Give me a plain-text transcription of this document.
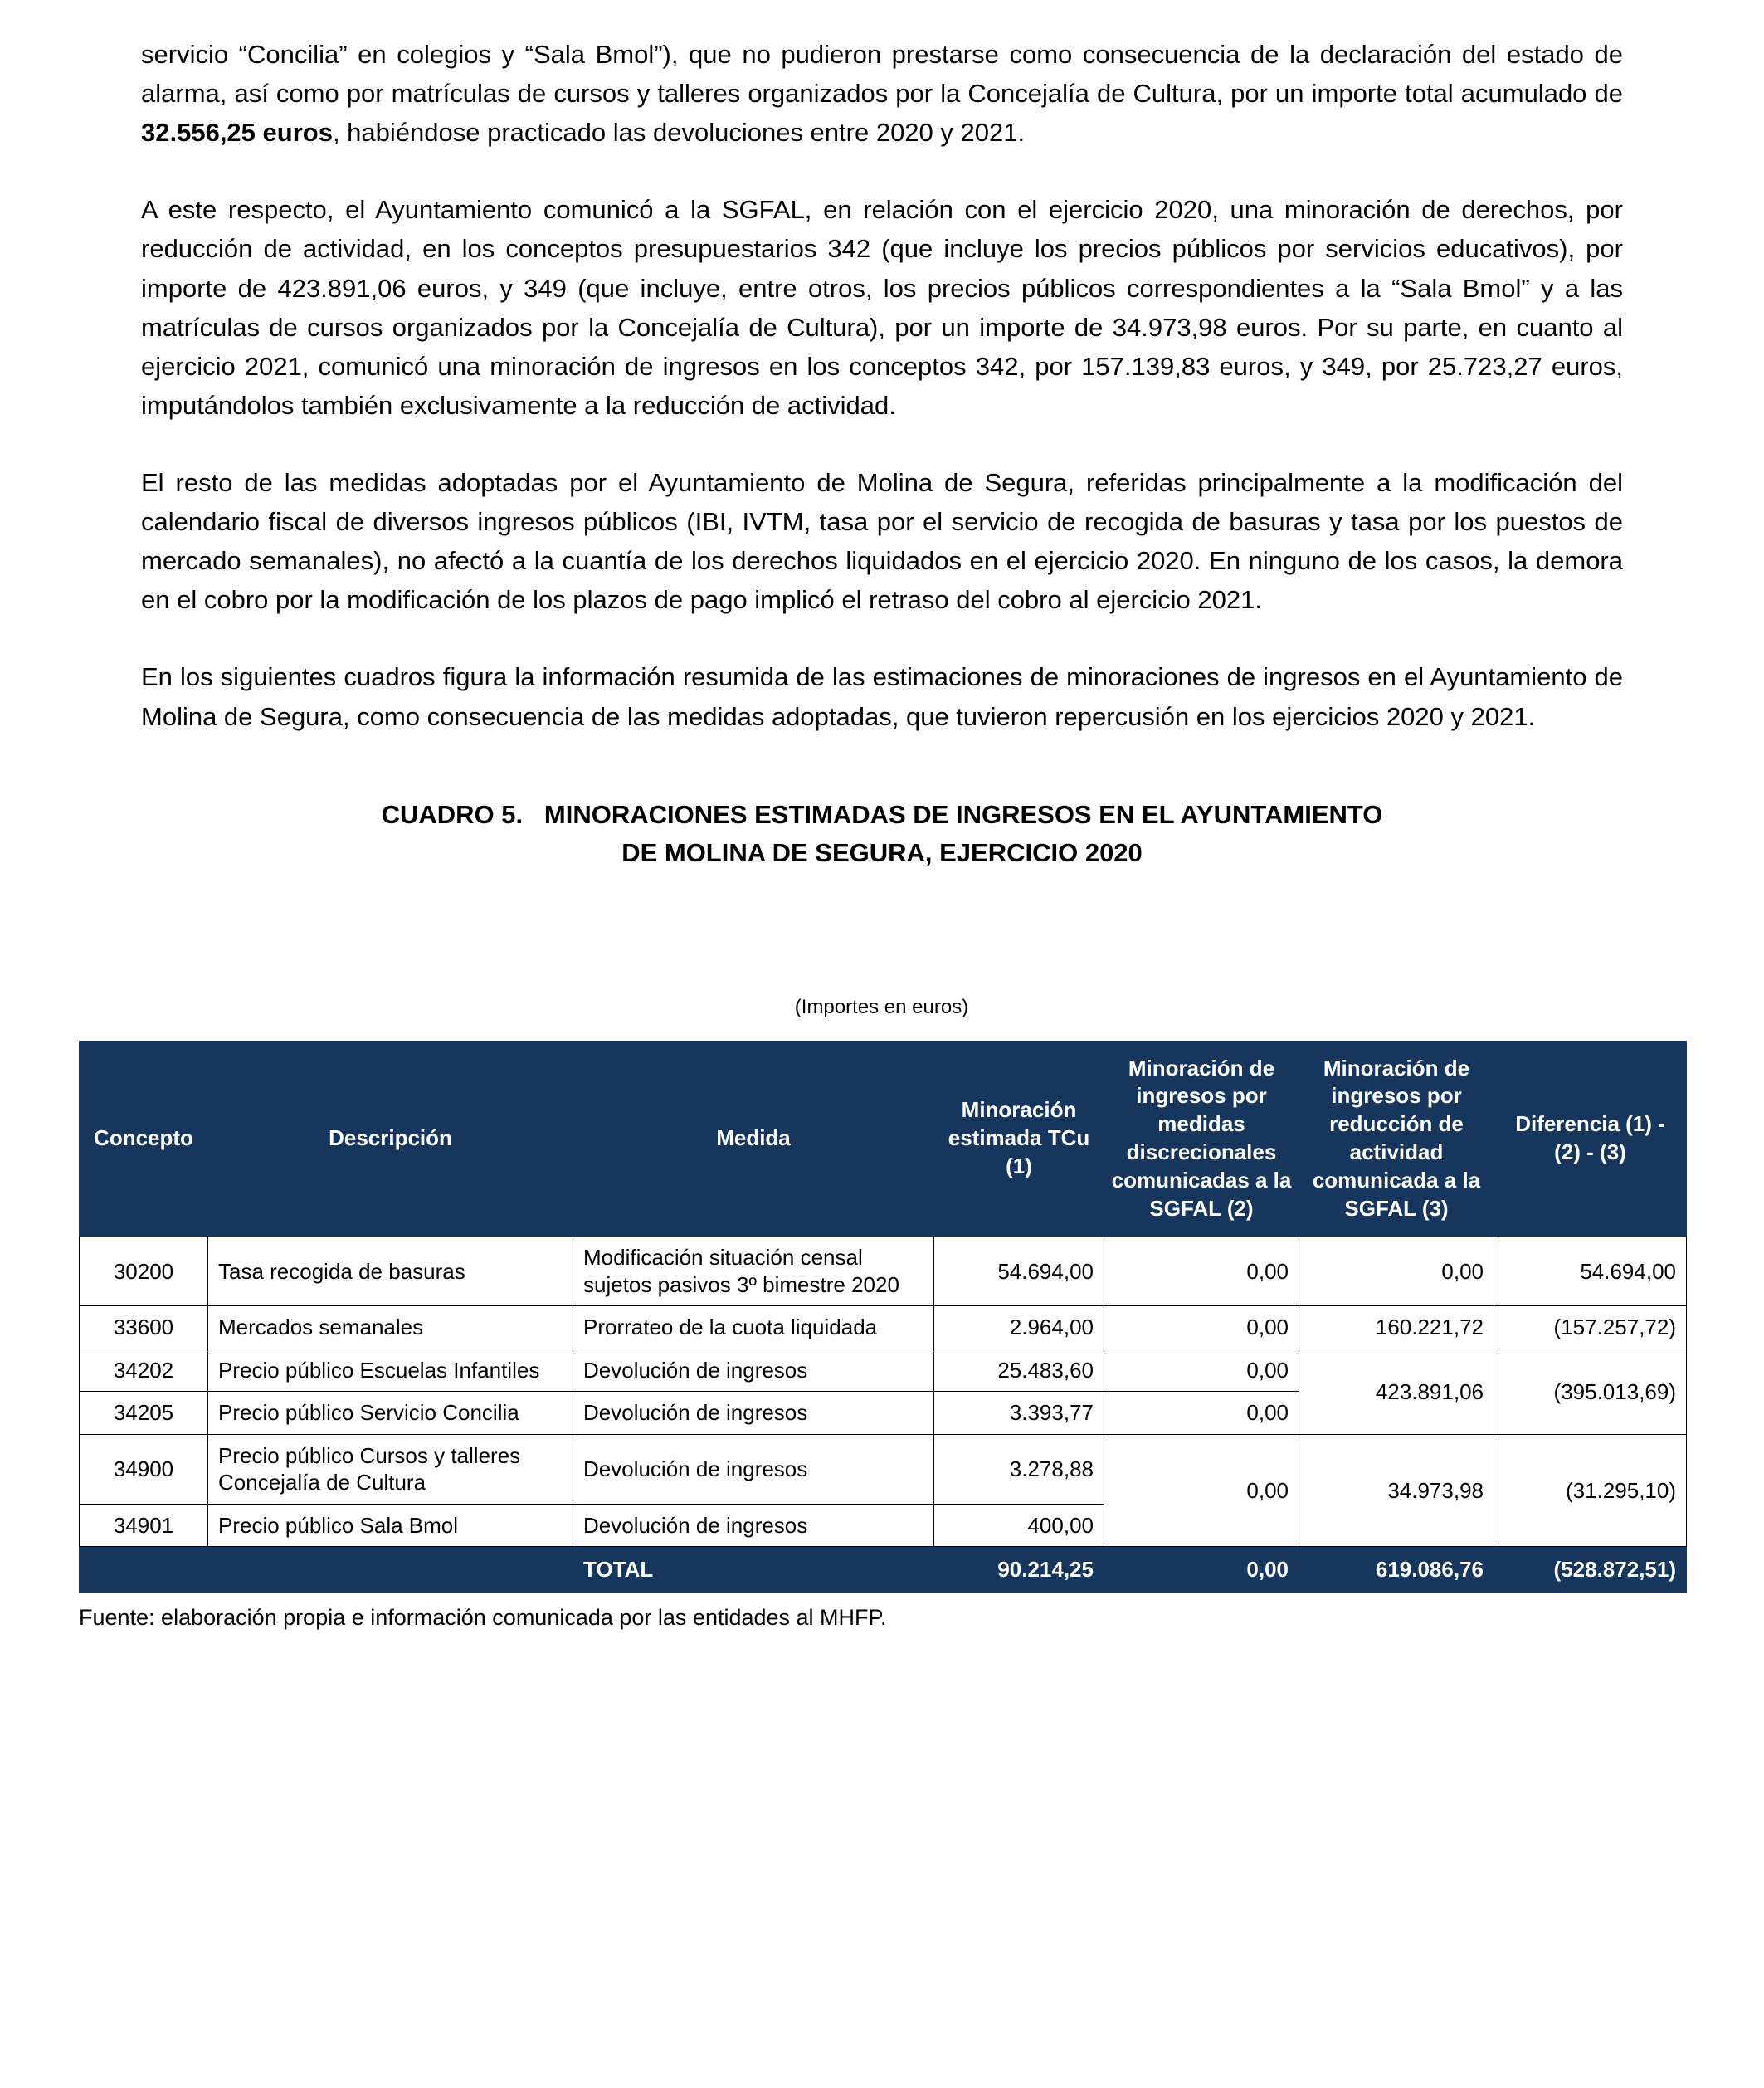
servicio “Concilia” en colegios y “Sala Bmol”), que no pudieron prestarse como consecuencia de la declaración del estado de alarma, así como por matrículas de cursos y talleres organizados por la Concejalía de Cultura, por un importe total acumulado de 32.556,25 euros, habiéndose practicado las devoluciones entre 2020 y 2021.

A este respecto, el Ayuntamiento comunicó a la SGFAL, en relación con el ejercicio 2020, una minoración de derechos, por reducción de actividad, en los conceptos presupuestarios 342 (que incluye los precios públicos por servicios educativos), por importe de 423.891,06 euros, y 349 (que incluye, entre otros, los precios públicos correspondientes a la “Sala Bmol” y a las matrículas de cursos organizados por la Concejalía de Cultura), por un importe de 34.973,98 euros. Por su parte, en cuanto al ejercicio 2021, comunicó una minoración de ingresos en los conceptos 342, por 157.139,83 euros, y 349, por 25.723,27 euros, imputándolos también exclusivamente a la reducción de actividad.

El resto de las medidas adoptadas por el Ayuntamiento de Molina de Segura, referidas principalmente a la modificación del calendario fiscal de diversos ingresos públicos (IBI, IVTM, tasa por el servicio de recogida de basuras y tasa por los puestos de mercado semanales), no afectó a la cuantía de los derechos liquidados en el ejercicio 2020. En ninguno de los casos, la demora en el cobro por la modificación de los plazos de pago implicó el retraso del cobro al ejercicio 2021.

En los siguientes cuadros figura la información resumida de las estimaciones de minoraciones de ingresos en el Ayuntamiento de Molina de Segura, como consecuencia de las medidas adoptadas, que tuvieron repercusión en los ejercicios 2020 y 2021.

CUADRO 5.   MINORACIONES ESTIMADAS DE INGRESOS EN EL AYUNTAMIENTO
DE MOLINA DE SEGURA, EJERCICIO 2020
(Importes en euros)
Concepto	Descripción	Medida	Minoración estimada TCu (1)	Minoración de ingresos por medidas discrecionales comunicadas a la SGFAL (2)	Minoración de ingresos por reducción de actividad comunicada a la SGFAL (3)	Diferencia (1) - (2) - (3)
30200	Tasa recogida de basuras	Modificación situación censal sujetos pasivos 3º bimestre 2020	54.694,00	0,00	0,00	54.694,00
33600	Mercados semanales	Prorrateo de la cuota liquidada	2.964,00	0,00	160.221,72	(157.257,72)
34202	Precio público Escuelas Infantiles	Devolución de ingresos	25.483,60	0,00	423.891,06	(395.013,69)
34205	Precio público Servicio Concilia	Devolución de ingresos	3.393,77	0,00		
34900	Precio público Cursos y talleres Concejalía de Cultura	Devolución de ingresos	3.278,88	0,00	34.973,98	(31.295,10)
34901	Precio público Sala Bmol	Devolución de ingresos	400,00			
		TOTAL	90.214,25	0,00	619.086,76	(528.872,51)
Fuente: elaboración propia e información comunicada por las entidades al MHFP.
